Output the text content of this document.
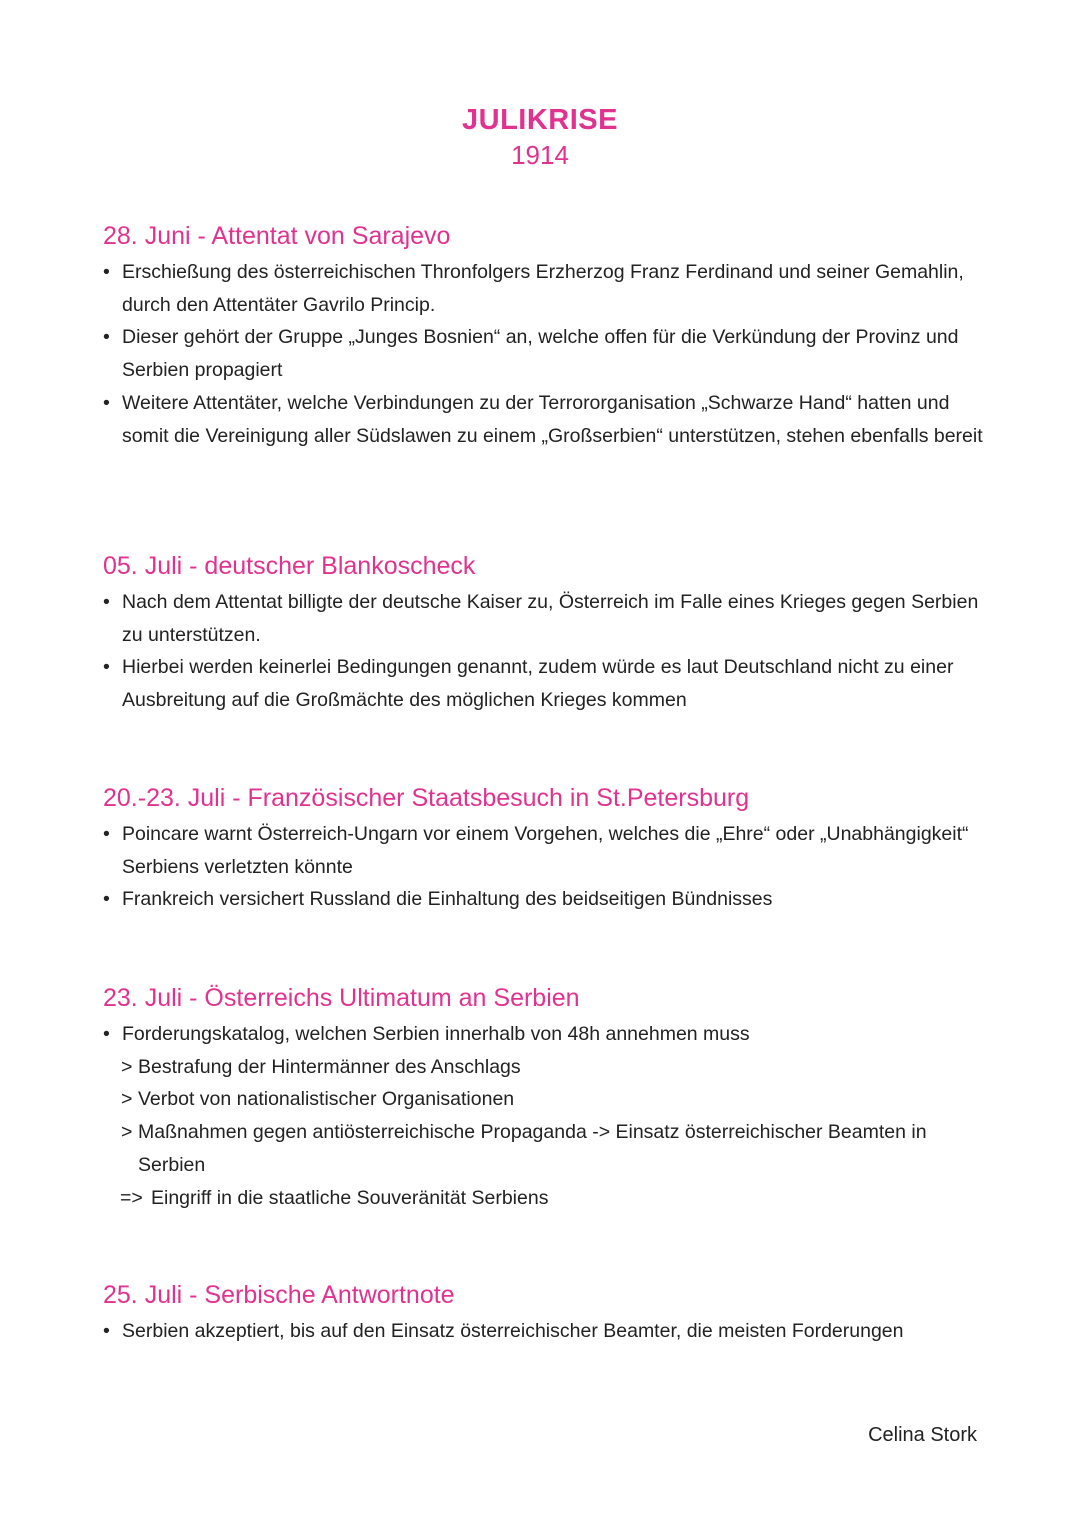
JULIKRISE
1914
28. Juni - Attentat von Sarajevo
• Erschießung des österreichischen Thronfolgers Erzherzog Franz Ferdinand und seiner Gemahlin, durch den Attentäter Gavrilo Princip.
• Dieser gehört der Gruppe „Junges Bosnien“ an, welche offen für die Verkündung der Provinz und Serbien propagiert
• Weitere Attentäter, welche Verbindungen zu der Terrororganisation „Schwarze Hand“ hatten und somit die Vereinigung aller Südslawen zu einem „Großserbien“ unterstützen, stehen ebenfalls bereit
05. Juli - deutscher Blankoscheck
• Nach dem Attentat billigte der deutsche Kaiser zu, Österreich im Falle eines Krieges gegen Serbien zu unterstützen.
• Hierbei werden keinerlei Bedingungen genannt, zudem würde es laut Deutschland nicht zu einer Ausbreitung auf die Großmächte des möglichen Krieges kommen
20.-23. Juli - Französischer Staatsbesuch in St.Petersburg
• Poincare warnt Österreich-Ungarn vor einem Vorgehen, welches die „Ehre“ oder „Unabhängigkeit“ Serbiens verletzten könnte
• Frankreich versichert Russland die Einhaltung des beidseitigen Bündnisses
23. Juli - Österreichs Ultimatum an Serbien
• Forderungskatalog, welchen Serbien innerhalb von 48h annehmen muss
> Bestrafung der Hintermänner des Anschlags
> Verbot von nationalistischer Organisationen
> Maßnahmen gegen antiösterreichische Propaganda -> Einsatz österreichischer Beamten in Serbien
=> Eingriff in die staatliche Souveränität Serbiens
25. Juli - Serbische Antwortnote
• Serbien akzeptiert, bis auf den Einsatz österreichischer Beamter, die meisten Forderungen
Celina Stork
